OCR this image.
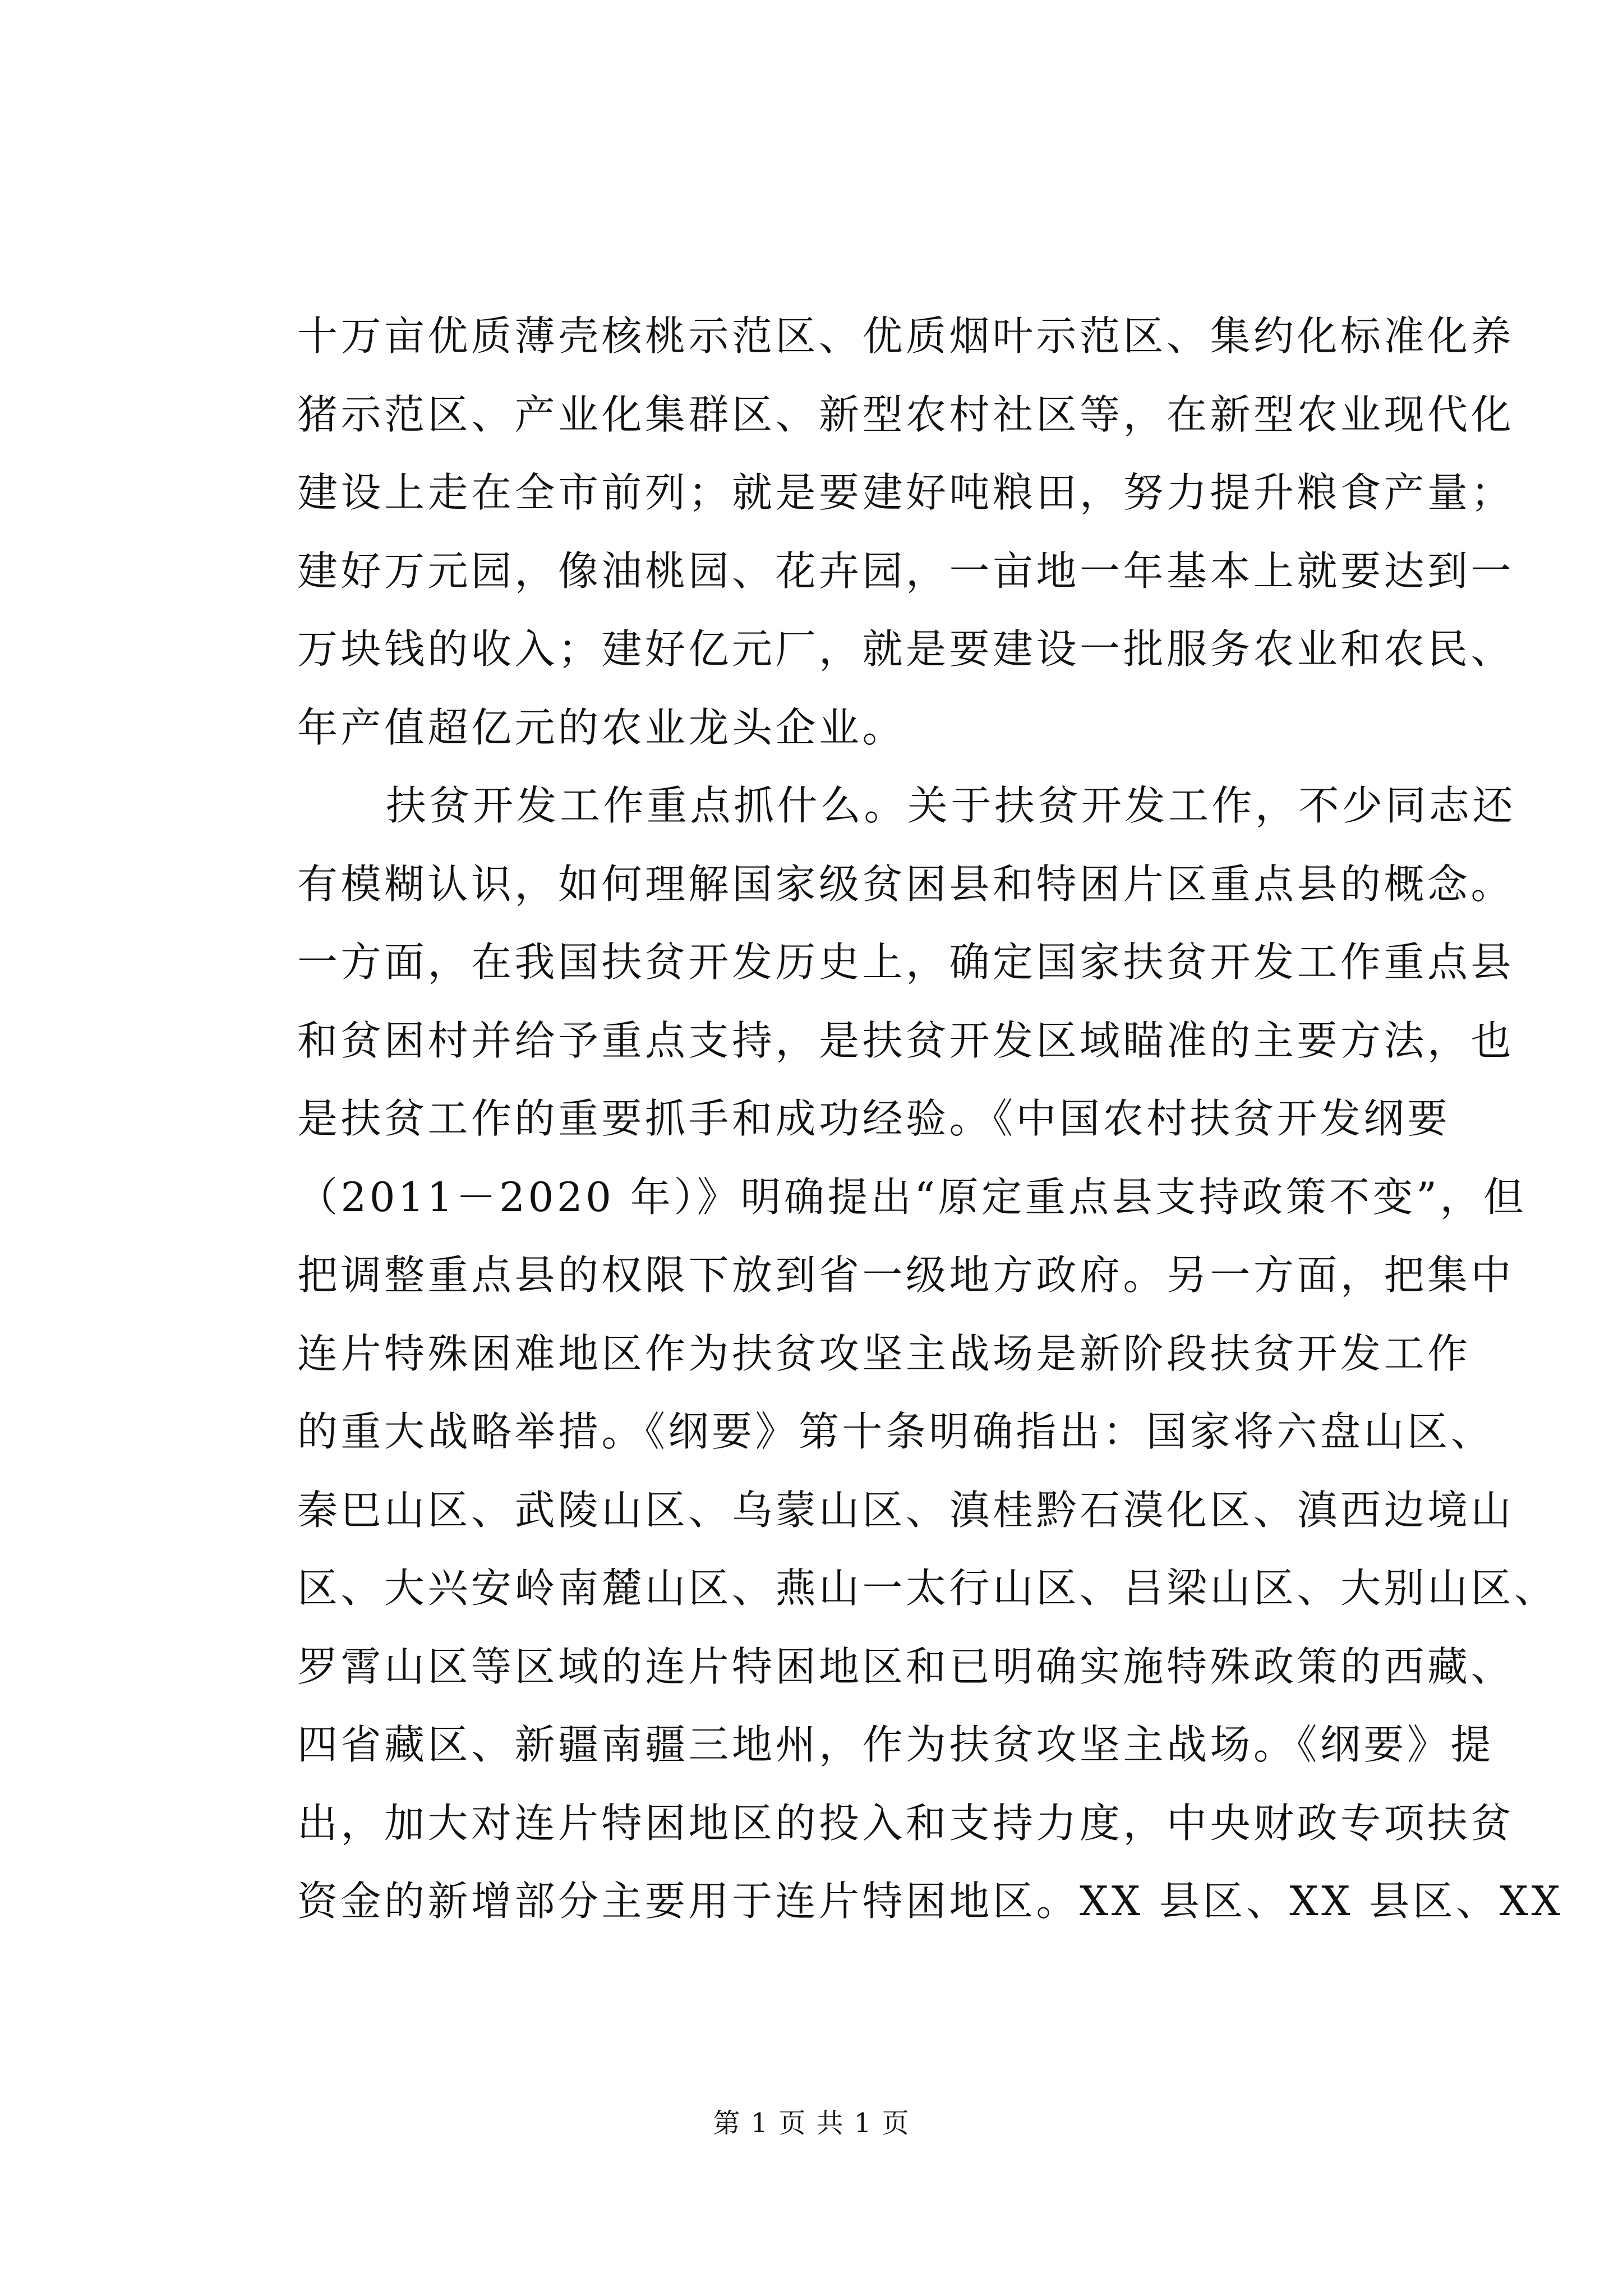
十万亩优质薄壳核桃示范区、优质烟叶示范区、集约化标准化养
猪示范区、产业化集群区、新型农村社区等，在新型农业现代化
建设上走在全市前列；就是要建好吨粮田，努力提升粮食产量；
建好万元园，像油桃园、花卉园，一亩地一年基本上就要达到一
万块钱的收入；建好亿元厂，就是要建设一批服务农业和农民、
年产值超亿元的农业龙头企业。
扶贫开发工作重点抓什么。关于扶贫开发工作，不少同志还
有模糊认识，如何理解国家级贫困县和特困片区重点县的概念。
一方面，在我国扶贫开发历史上，确定国家扶贫开发工作重点县
和贫困村并给予重点支持，是扶贫开发区域瞄准的主要方法，也
是扶贫工作的重要抓手和成功经验。《中国农村扶贫开发纲要
（2011－2020 年）》明确提出“原定重点县支持政策不变”，但
把调整重点县的权限下放到省一级地方政府。另一方面，把集中
连片特殊困难地区作为扶贫攻坚主战场是新阶段扶贫开发工作
的重大战略举措。《纲要》第十条明确指出：国家将六盘山区、
秦巴山区、武陵山区、乌蒙山区、滇桂黔石漠化区、滇西边境山
区、大兴安岭南麓山区、燕山一太行山区、吕梁山区、大别山区、
罗霄山区等区域的连片特困地区和已明确实施特殊政策的西藏、
四省藏区、新疆南疆三地州，作为扶贫攻坚主战场。《纲要》提
出，加大对连片特困地区的投入和支持力度，中央财政专项扶贫
资金的新增部分主要用于连片特困地区。XX 县区、XX 县区、XX
第 1 页 共 1 页
